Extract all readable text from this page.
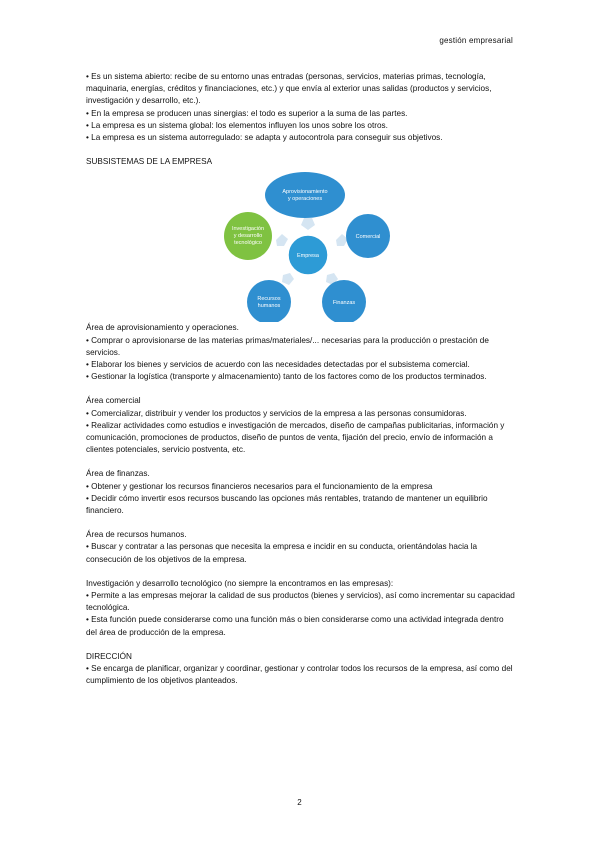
gestión empresarial

• Es un sistema abierto: recibe de su entorno unas entradas (personas, servicios, materias primas, tecnología, maquinaria, energías, créditos y financiaciones, etc.) y que envía al exterior unas salidas (productos y servicios, investigación y desarrollo, etc.).

• En la empresa se producen unas sinergias: el todo es superior a la suma de las partes.

• La empresa es un sistema global: los elementos influyen los unos sobre los otros.

• La empresa es un sistema autorregulado: se adapta y autocontrola para conseguir sus objetivos.

SUBSISTEMAS DE LA EMPRESA

Empresa
Aprovisionamiento
y operaciones
Comercial
Finanzas
Recursos
humanos
Investigación
y desarrollo
tecnológico

Área de aprovisionamiento y operaciones.

• Comprar o aprovisionarse de las materias primas/materiales/... necesarias para la producción o prestación de servicios.

• Elaborar los bienes y servicios de acuerdo con las necesidades detectadas por el subsistema comercial.

• Gestionar la logística (transporte y almacenamiento) tanto de los factores como de los productos terminados.

Área comercial

• Comercializar, distribuir y vender los productos y servicios de la empresa a las personas consumidoras.

• Realizar actividades como estudios e investigación de mercados, diseño de campañas publicitarias, información y comunicación, promociones de productos, diseño de puntos de venta, fijación del precio, envío de información a clientes potenciales, servicio postventa, etc.

Área de finanzas.

• Obtener y gestionar los recursos financieros necesarios para el funcionamiento de la empresa

• Decidir cómo invertir esos recursos buscando las opciones más rentables, tratando de mantener un equilibrio financiero.

Área de recursos humanos.

• Buscar y contratar a las personas que necesita la empresa e incidir en su conducta, orientándolas hacia la consecución de los objetivos de la empresa.

Investigación y desarrollo tecnológico (no siempre la encontramos en las empresas):

• Permite a las empresas mejorar la calidad de sus productos (bienes y servicios), así como incrementar su capacidad tecnológica.

• Esta función puede considerarse como una función más o bien considerarse como una actividad integrada dentro del área de producción de la empresa.

DIRECCIÓN

• Se encarga de planificar, organizar y coordinar, gestionar y controlar todos los recursos de la empresa, así como del cumplimiento de los objetivos planteados.

2
